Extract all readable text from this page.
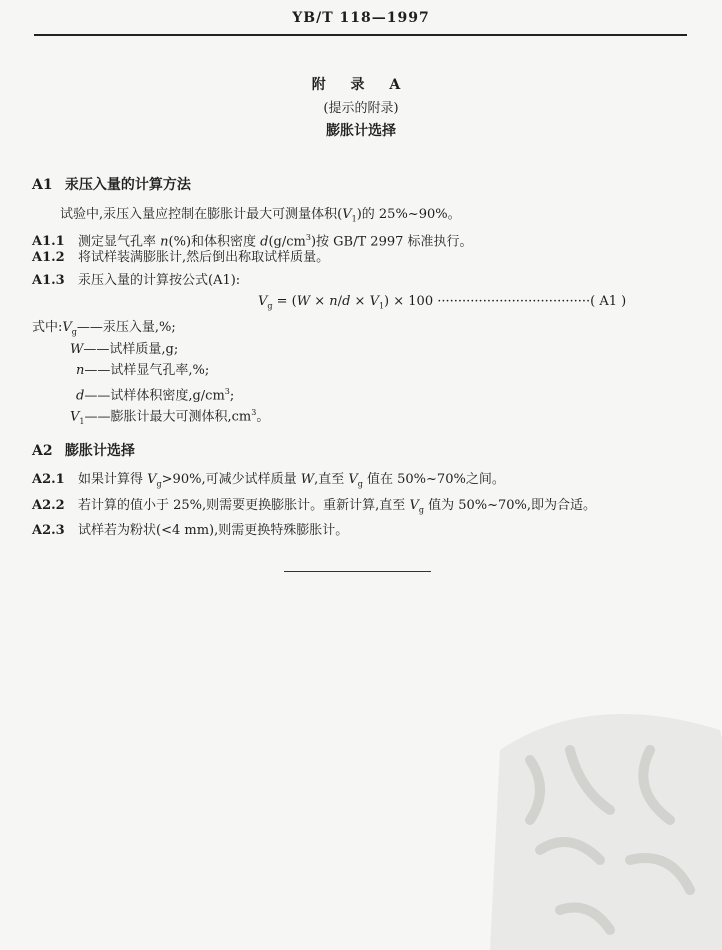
YB/T 118—1997
附 录 A
(提示的附录)
膨胀计选择
A1 汞压入量的计算方法
试验中,汞压入量应控制在膨胀计最大可测量体积$(V_1)$的 25%~90%。
A1.1 测定显气孔率 n(%)和体积密度 $d(g/cm^3)$按 GB/T 2997 标准执行。
A1.2 将试样装满膨胀计,然后倒出称取试样质量。
A1.3 汞压入量的计算按公式(A1):
$V_g = (W \times n/d \times V_1) \times 100$ ·····································( A1 )
式中$:V_g——$汞压入量,%;
W——试样质量,g;
n——试样显气孔率,%;
d——试样体积密度$,g/cm^3$;
$V_1——$膨胀计最大可测体积$,cm^3$。
A2 膨胀计选择
A2.1 如果计算得 $V_g>90\%$,可减少试样质量 W,直至 $V_g$ 值在 50%~70%之间。
A2.2 若计算的值小于 25%,则需要更换膨胀计。重新计算,直至 $V_g$ 值为 50%~70%,即为合适。
A2.3 试样若为粉状(<4 mm),则需更换特殊膨胀计。
